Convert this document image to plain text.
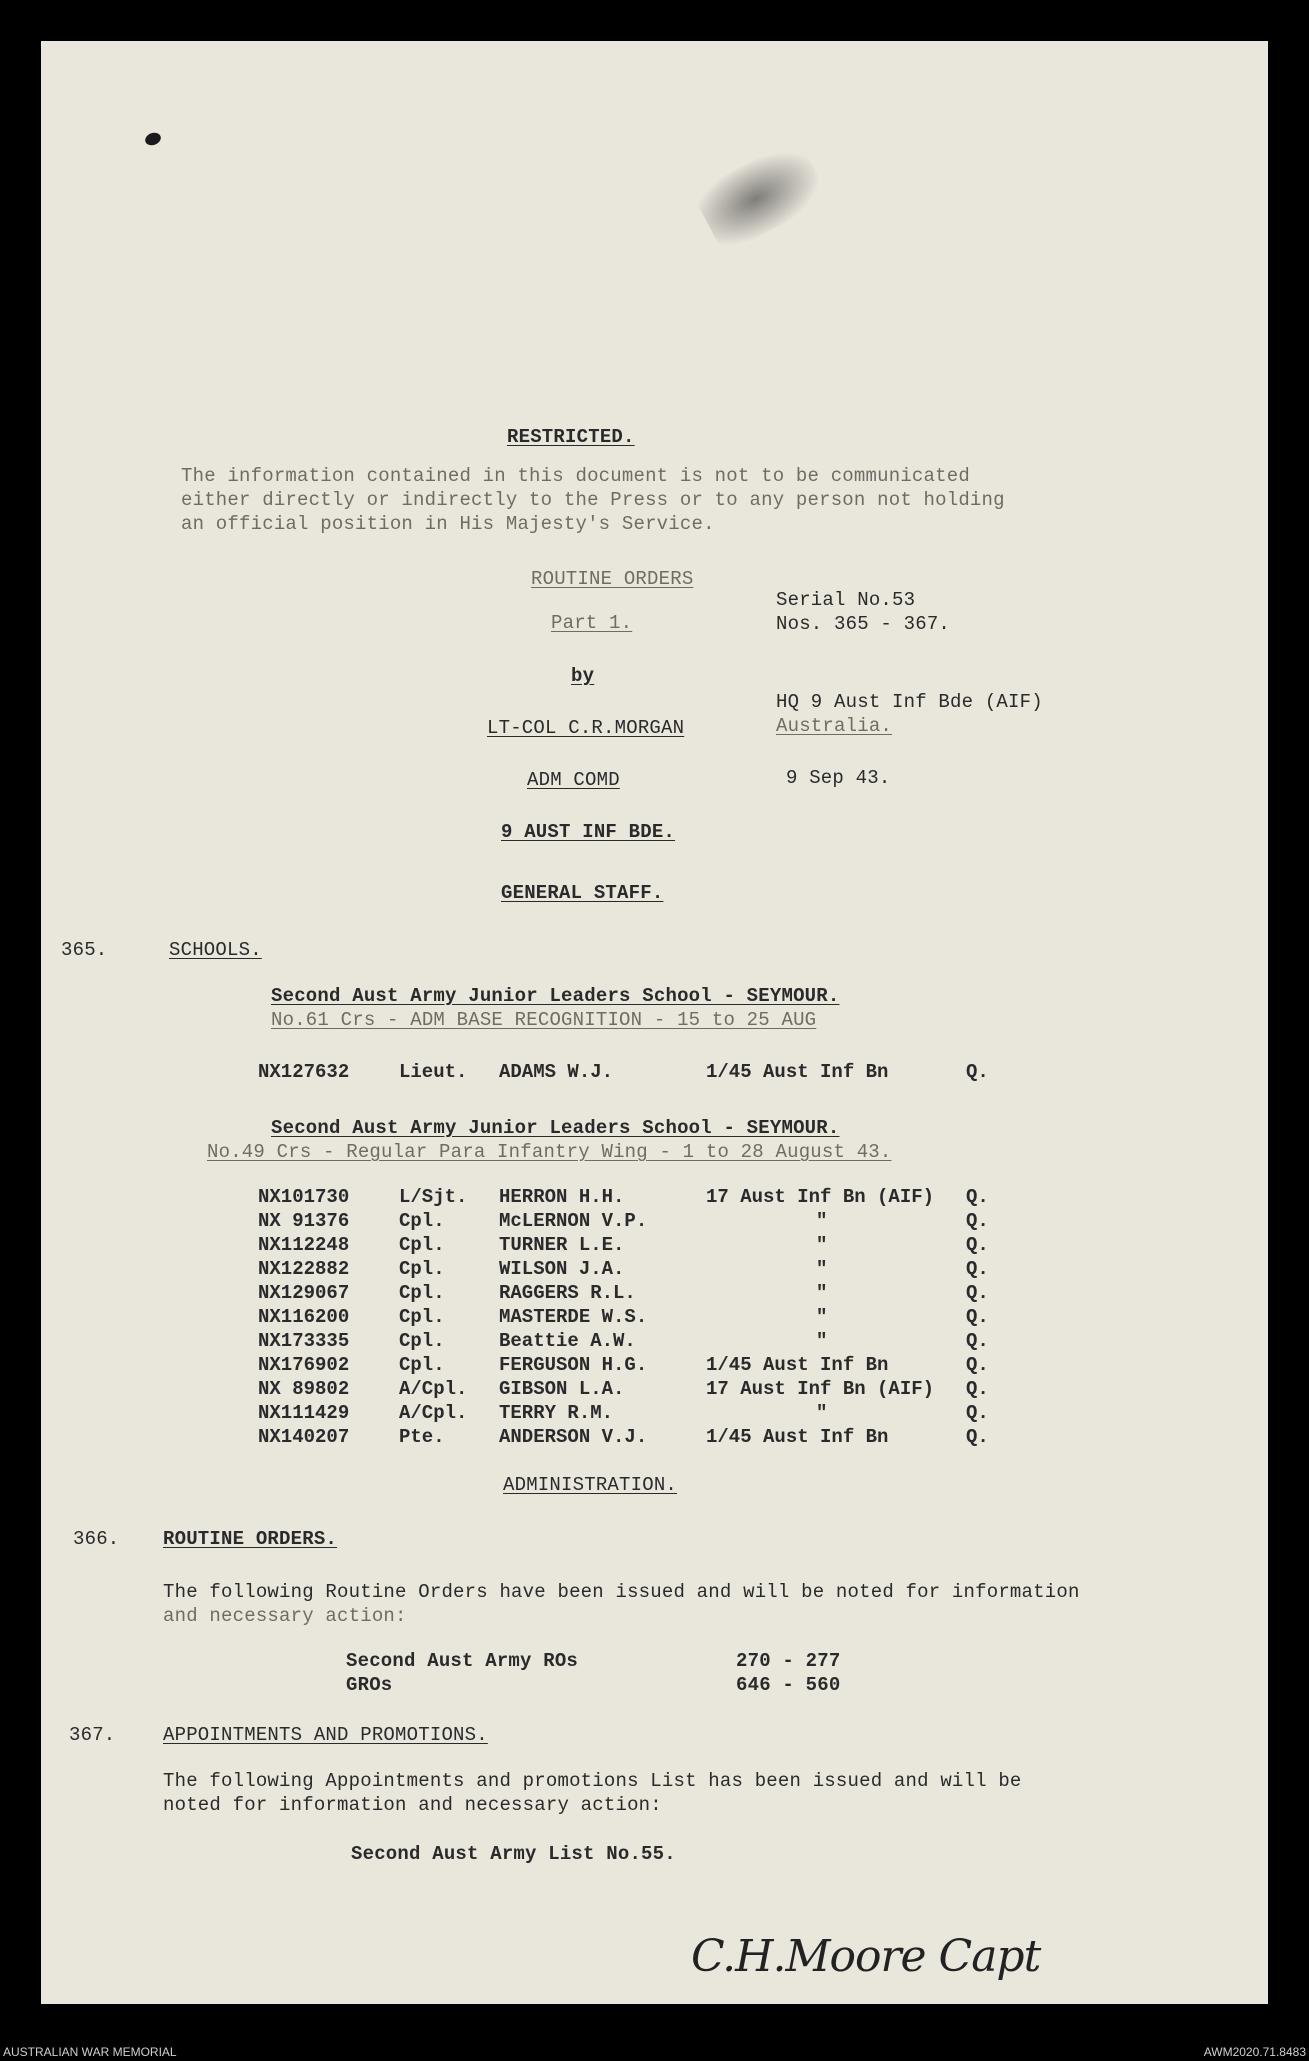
RESTRICTED.
The information contained in this document is not to be communicated
either directly or indirectly to the Press or to any person not holding
an official position in His Majesty's Service.
ROUTINE ORDERS
Part 1.
by
LT-COL C.R.MORGAN
ADM COMD
9 AUST INF BDE.
Serial No.53
Nos. 365 - 367.
HQ 9 Aust Inf Bde (AIF)
Australia.
9 Sep 43.
GENERAL STAFF.
365.	SCHOOLS.
Second Aust Army Junior Leaders School - SEYMOUR.
No.61 Crs - ADM BASE RECOGNITION - 15 to 25 AUG
NX127632	Lieut. ADAMS W.J.	1/45 Aust Inf Bn	Q.
Second Aust Army Junior Leaders School - SEYMOUR.
No.49 Crs - Regular Para Infantry Wing - 1 to 28 August 43.
NX101730	L/Sjt. HERRON H.H.	17 Aust Inf Bn (AIF) Q.
NX 91376	Cpl.	McLERNON V.P.	"	Q.
NX112248	Cpl.	TURNER L.E.	"	Q.
NX122882	Cpl.	WILSON J.A.	"	Q.
NX129067	Cpl.	RAGGERS R.L.	"	Q.
NX116200	Cpl.	MASTERDE W.S.	"	Q.
NX173335	Cpl.	Beattie A.W.	"	Q.
NX176902	Cpl.	FERGUSON H.G.	1/45 Aust Inf Bn	Q.
NX 89802	A/Cpl. GIBSON L.A.	17 Aust Inf Bn (AIF) Q.
NX111429	A/Cpl. TERRY R.M.	"	Q.
NX140207	Pte.	ANDERSON V.J.	1/45 Aust Inf Bn	Q.
ADMINISTRATION.
366. ROUTINE ORDERS.
The following Routine Orders have been issued and will be noted for information
and necessary action:
Second Aust Army ROs	270 - 277
GROs	646 - 560
367.	APPOINTMENTS AND PROMOTIONS.
The following Appointments and promotions List has been issued and will be
noted for information and necessary action:
Second Aust Army List No.55.
C.H.Moore Capt
AUSTRALIAN WAR MEMORIAL	AWM2020.71.8483
